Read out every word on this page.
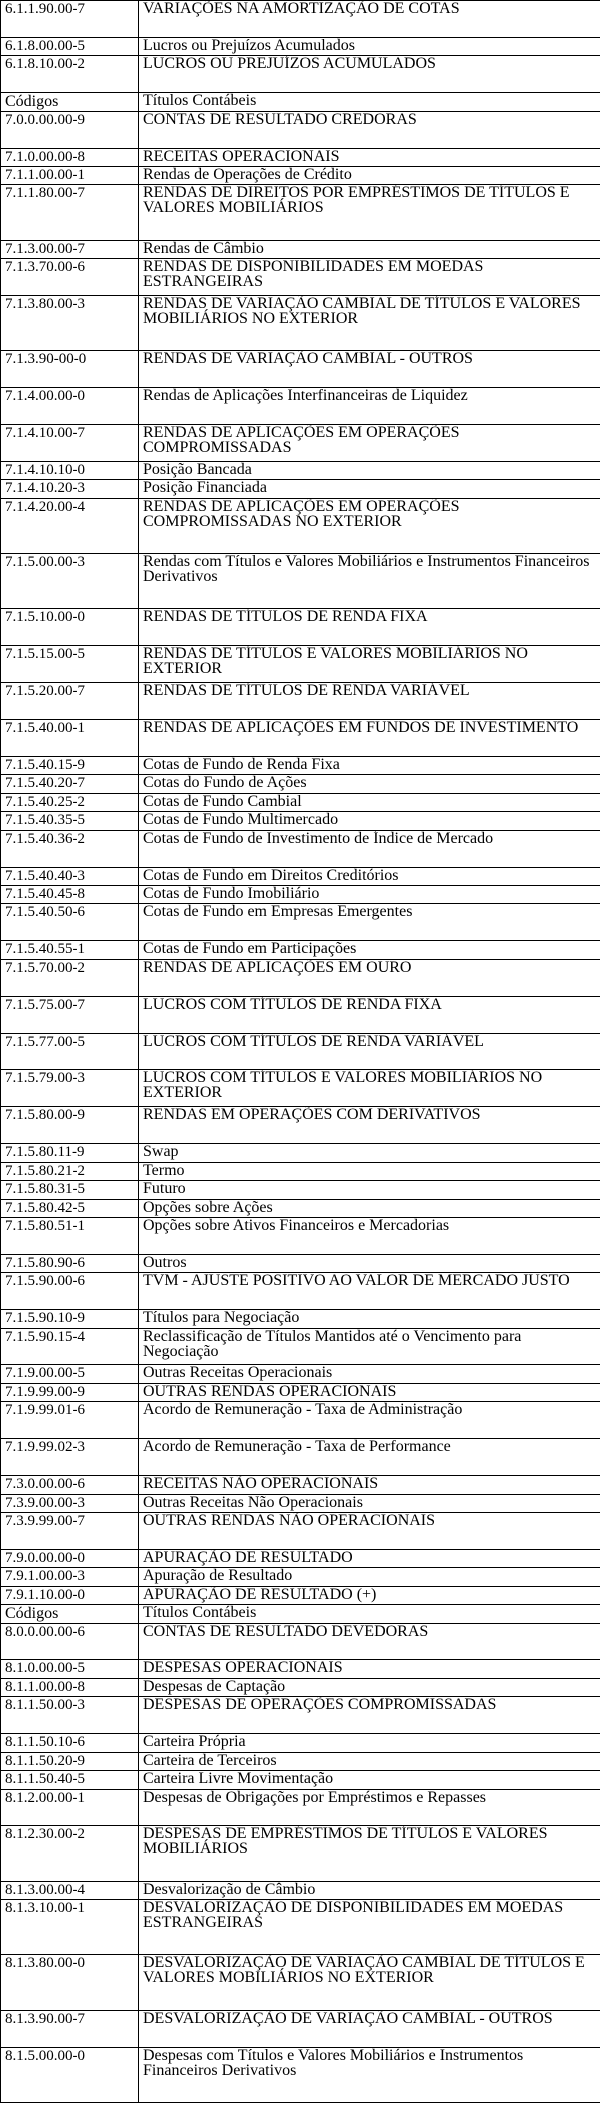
6.1.1.90.00-7	VARIAÇÕES NA AMORTIZAÇÃO DE COTAS
6.1.8.00.00-5	Lucros ou Prejuízos Acumulados
6.1.8.10.00-2	LUCROS OU PREJUÍZOS ACUMULADOS
Códigos	Títulos Contábeis
7.0.0.00.00-9	CONTAS DE RESULTADO CREDORAS
7.1.0.00.00-8	RECEITAS OPERACIONAIS
7.1.1.00.00-1	Rendas de Operações de Crédito
7.1.1.80.00-7	RENDAS DE DIREITOS POR EMPRÉSTIMOS DE TÍTULOS E VALORES MOBILIÁRIOS
7.1.3.00.00-7	Rendas de Câmbio
7.1.3.70.00-6	RENDAS DE DISPONIBILIDADES EM MOEDAS ESTRANGEIRAS
7.1.3.80.00-3	RENDAS DE VARIAÇÃO CAMBIAL DE TÍTULOS E VALORES MOBILIÁRIOS NO EXTERIOR
7.1.3.90-00-0	RENDAS DE VARIAÇÃO CAMBIAL - OUTROS
7.1.4.00.00-0	Rendas de Aplicações Interfinanceiras de Liquidez
7.1.4.10.00-7	RENDAS DE APLICAÇÕES EM OPERAÇÕES COMPROMISSADAS
7.1.4.10.10-0	Posição Bancada
7.1.4.10.20-3	Posição Financiada
7.1.4.20.00-4	RENDAS DE APLICAÇÕES EM OPERAÇÕES COMPROMISSADAS NO EXTERIOR
7.1.5.00.00-3	Rendas com Títulos e Valores Mobiliários e Instrumentos Financeiros Derivativos
7.1.5.10.00-0	RENDAS DE TÍTULOS DE RENDA FIXA
7.1.5.15.00-5	RENDAS DE TÍTULOS E VALORES MOBILIÁRIOS NO EXTERIOR
7.1.5.20.00-7	RENDAS DE TÍTULOS DE RENDA VARIÁVEL
7.1.5.40.00-1	RENDAS DE APLICAÇÕES EM FUNDOS DE INVESTIMENTO
7.1.5.40.15-9	Cotas de Fundo de Renda Fixa
7.1.5.40.20-7	Cotas do Fundo de Ações
7.1.5.40.25-2	Cotas de Fundo Cambial
7.1.5.40.35-5	Cotas de Fundo Multimercado
7.1.5.40.36-2	Cotas de Fundo de Investimento de Índice de Mercado
7.1.5.40.40-3	Cotas de Fundo em Direitos Creditórios
7.1.5.40.45-8	Cotas de Fundo Imobiliário
7.1.5.40.50-6	Cotas de Fundo em Empresas Emergentes
7.1.5.40.55-1	Cotas de Fundo em Participações
7.1.5.70.00-2	RENDAS DE APLICAÇÕES EM OURO
7.1.5.75.00-7	LUCROS COM TÍTULOS DE RENDA FIXA
7.1.5.77.00-5	LUCROS COM TÍTULOS DE RENDA VARIÁVEL
7.1.5.79.00-3	LUCROS COM TÍTULOS E VALORES MOBILIÁRIOS NO EXTERIOR
7.1.5.80.00-9	RENDAS EM OPERAÇÕES COM DERIVATIVOS
7.1.5.80.11-9	Swap
7.1.5.80.21-2	Termo
7.1.5.80.31-5	Futuro
7.1.5.80.42-5	Opções sobre Ações
7.1.5.80.51-1	Opções sobre Ativos Financeiros e Mercadorias
7.1.5.80.90-6	Outros
7.1.5.90.00-6	TVM - AJUSTE POSITIVO AO VALOR DE MERCADO JUSTO
7.1.5.90.10-9	Títulos para Negociação
7.1.5.90.15-4	Reclassificação de Títulos Mantidos até o Vencimento para Negociação
7.1.9.00.00-5	Outras Receitas Operacionais
7.1.9.99.00-9	OUTRAS RENDAS OPERACIONAIS
7.1.9.99.01-6	Acordo de Remuneração - Taxa de Administração
7.1.9.99.02-3	Acordo de Remuneração - Taxa de Performance
7.3.0.00.00-6	RECEITAS NÃO OPERACIONAIS
7.3.9.00.00-3	Outras Receitas Não Operacionais
7.3.9.99.00-7	OUTRAS RENDAS NÃO OPERACIONAIS
7.9.0.00.00-0	APURAÇÃO DE RESULTADO
7.9.1.00.00-3	Apuração de Resultado
7.9.1.10.00-0	APURAÇÃO DE RESULTADO (+)
Códigos	Títulos Contábeis
8.0.0.00.00-6	CONTAS DE RESULTADO DEVEDORAS
8.1.0.00.00-5	DESPESAS OPERACIONAIS
8.1.1.00.00-8	Despesas de Captação
8.1.1.50.00-3	DESPESAS DE OPERAÇÕES COMPROMISSADAS
8.1.1.50.10-6	Carteira Própria
8.1.1.50.20-9	Carteira de Terceiros
8.1.1.50.40-5	Carteira Livre Movimentação
8.1.2.00.00-1	Despesas de Obrigações por Empréstimos e Repasses
8.1.2.30.00-2	DESPESAS DE EMPRÉSTIMOS DE TÍTULOS E VALORES MOBILIÁRIOS
8.1.3.00.00-4	Desvalorização de Câmbio
8.1.3.10.00-1	DESVALORIZAÇÃO DE DISPONIBILIDADES EM MOEDAS ESTRANGEIRAS
8.1.3.80.00-0	DESVALORIZAÇÃO DE VARIAÇÃO CAMBIAL DE TÍTULOS E VALORES MOBILIÁRIOS NO EXTERIOR
8.1.3.90.00-7	DESVALORIZAÇÃO DE VARIAÇÃO CAMBIAL - OUTROS
8.1.5.00.00-0	Despesas com Títulos e Valores Mobiliários e Instrumentos Financeiros Derivativos
